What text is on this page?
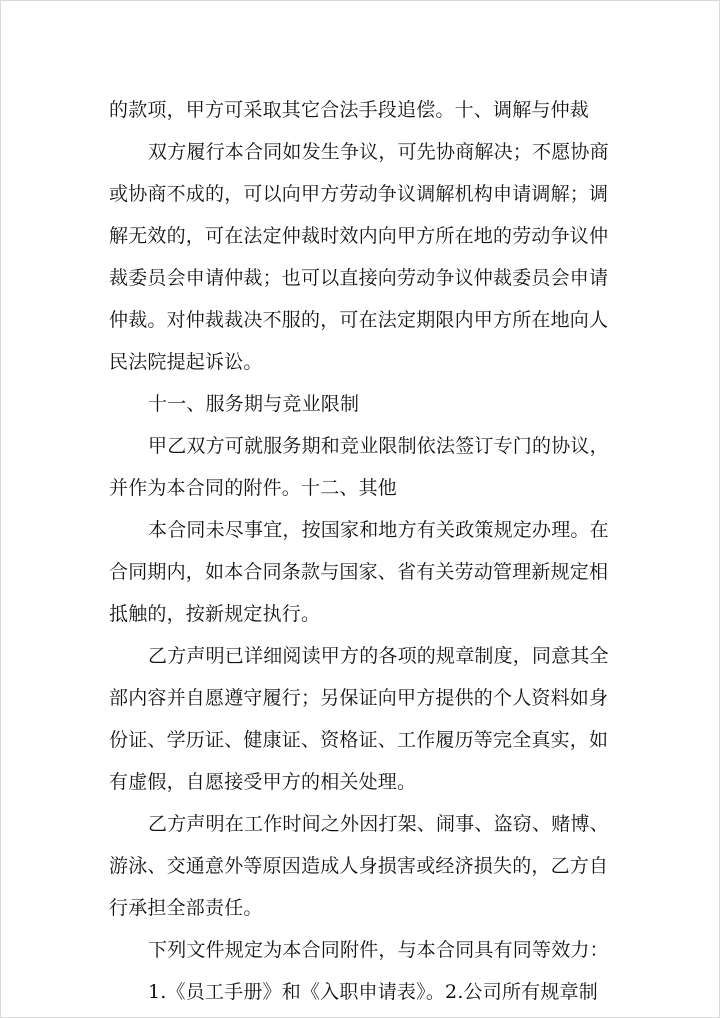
的款项，甲方可采取其它合法手段追偿。十、调解与仲裁
双方履行本合同如发生争议，可先协商解决；不愿协商
或协商不成的，可以向甲方劳动争议调解机构申请调解；调
解无效的，可在法定仲裁时效内向甲方所在地的劳动争议仲
裁委员会申请仲裁；也可以直接向劳动争议仲裁委员会申请
仲裁。对仲裁裁决不服的，可在法定期限内甲方所在地向人
民法院提起诉讼。
十一、服务期与竞业限制
甲乙双方可就服务期和竞业限制依法签订专门的协议，
并作为本合同的附件。十二、其他
本合同未尽事宜，按国家和地方有关政策规定办理。在
合同期内，如本合同条款与国家、省有关劳动管理新规定相
抵触的，按新规定执行。
乙方声明已详细阅读甲方的各项的规章制度，同意其全
部内容并自愿遵守履行；另保证向甲方提供的个人资料如身
份证、学历证、健康证、资格证、工作履历等完全真实，如
有虚假，自愿接受甲方的相关处理。
乙方声明在工作时间之外因打架、闹事、盗窃、赌博、
游泳、交通意外等原因造成人身损害或经济损失的，乙方自
行承担全部责任。
下列文件规定为本合同附件，与本合同具有同等效力：
1.《员工手册》和《入职申请表》。2.公司所有规章制
